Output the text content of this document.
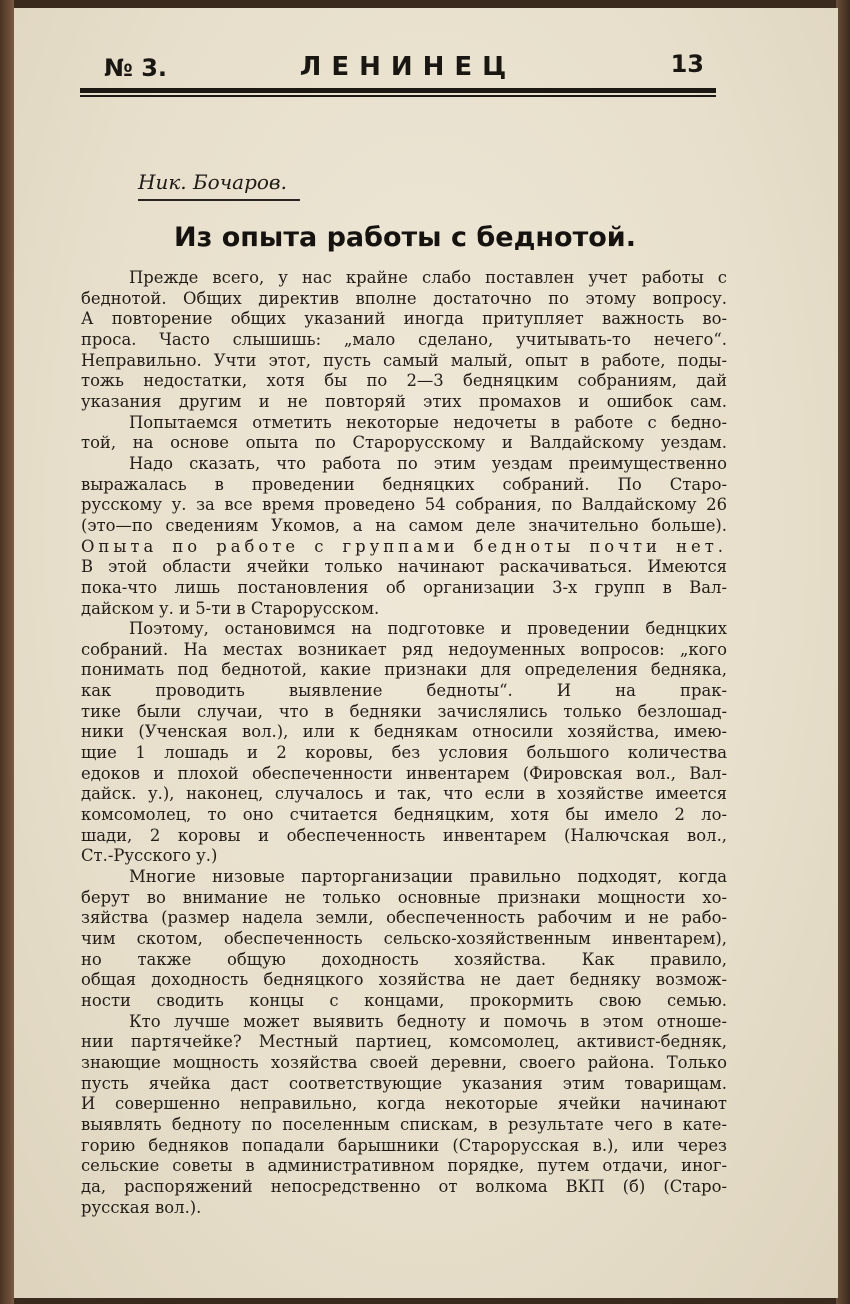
№ 3.	ЛЕНИНЕЦ	13
Ник. Бочаров.
Из опыта работы с беднотой.
Прежде всего, у нас крайне слабо поставлен учет работы с
беднотой. Общих директив вполне достаточно по этому вопросу.
А повторение общих указаний иногда притупляет важность во-
проса. Часто слышишь: „мало сделано, учитывать-то нечего“.
Неправильно. Учти этот, пусть самый малый, опыт в работе, поды-
тожь недостатки, хотя бы по 2—3 бедняцким собраниям, дай
указания другим и не повторяй этих промахов и ошибок сам.
Попытаемся отметить некоторые недочеты в работе с бедно-
той, на основе опыта по Старорусскому и Валдайскому уездам.
Надо сказать, что работа по этим уездам преимущественно
выражалась в проведении бедняцких собраний. По Старо-
русскому у. за все время проведено 54 собрания, по Валдайскому 26
(это—по сведениям Укомов, а на самом деле значительно больше).
Опыта по работе с группами бедноты почти нет.
В этой области ячейки только начинают раскачиваться. Имеются
пока-что лишь постановления об организации 3-х групп в Вал-
дайском у. и 5-ти в Старорусском.
Поэтому, остановимся на подготовке и проведении беднцких
собраний. На местах возникает ряд недоуменных вопросов: „кого
понимать под беднотой, какие признаки для определения бедняка,
как проводить выявление бедноты“. И на прак-
тике были случаи, что в бедняки зачислялись только безлошад-
ники (Ученская вол.), или к беднякам относили хозяйства, имею-
щие 1 лошадь и 2 коровы, без условия большого количества
едоков и плохой обеспеченности инвентарем (Фировская вол., Вал-
дайск. у.), наконец, случалось и так, что если в хозяйстве имеется
комсомолец, то оно считается бедняцким, хотя бы имело 2 ло-
шади, 2 коровы и обеспеченность инвентарем (Налючская вол.,
Ст.-Русского у.)
Многие низовые парторганизации правильно подходят, когда
берут во внимание не только основные признаки мощности хо-
зяйства (размер надела земли, обеспеченность рабочим и не рабо-
чим скотом, обеспеченность сельско-хозяйственным инвентарем),
но также общую доходность хозяйства. Как правило,
общая доходность бедняцкого хозяйства не дает бедняку возмож-
ности сводить концы с концами, прокормить свою семью.
Кто лучше может выявить бедноту и помочь в этом отноше-
нии партячейке? Местный партиец, комсомолец, активист-бедняк,
знающие мощность хозяйства своей деревни, своего района. Только
пусть ячейка даст соответствующие указания этим товарищам.
И совершенно неправильно, когда некоторые ячейки начинают
выявлять бедноту по поселенным спискам, в результате чего в кате-
горию бедняков попадали барышники (Старорусская в.), или через
сельские советы в административном порядке, путем отдачи, иног-
да, распоряжений непосредственно от волкома ВКП (б) (Старо-
русская вол.).
